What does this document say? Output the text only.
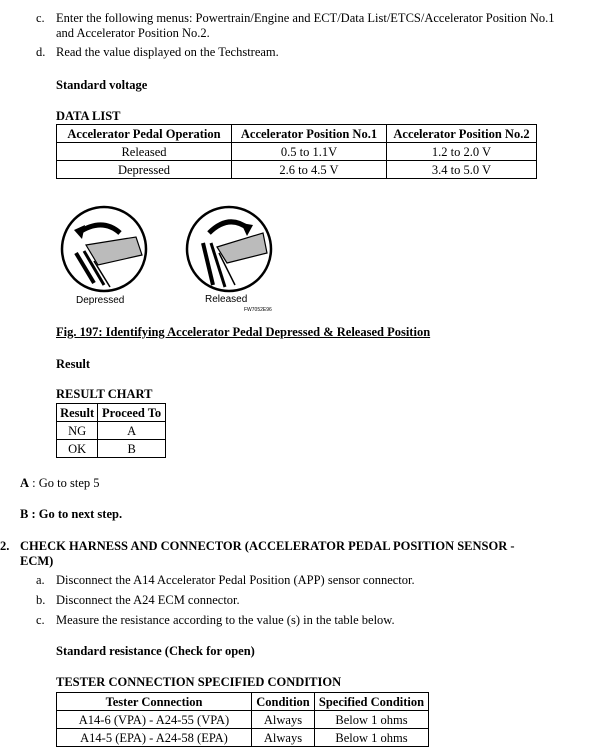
c. Enter the following menus: Powertrain/Engine and ECT/Data List/ETCS/Accelerator Position No.1
and Accelerator Position No.2.
d. Read the value displayed on the Techstream.
Standard voltage
DATA LIST
Accelerator Pedal Operation	Accelerator Position No.1	Accelerator Position No.2
Released	0.5 to 1.1V	1.2 to 2.0 V
Depressed	2.6 to 4.5 V	3.4 to 5.0 V
Depressed	Released
FW7052E96
Fig. 197: Identifying Accelerator Pedal Depressed & Released Position
Result
RESULT CHART
Result	Proceed To
NG	A
OK	B
A : Go to step 5
B : Go to next step.
2. CHECK HARNESS AND CONNECTOR (ACCELERATOR PEDAL POSITION SENSOR -
ECM)
a. Disconnect the A14 Accelerator Pedal Position (APP) sensor connector.
b. Disconnect the A24 ECM connector.
c. Measure the resistance according to the value (s) in the table below.
Standard resistance (Check for open)
TESTER CONNECTION SPECIFIED CONDITION
Tester Connection	Condition	Specified Condition
A14-6 (VPA) - A24-55 (VPA)	Always	Below 1 ohms
A14-5 (EPA) - A24-58 (EPA)	Always	Below 1 ohms
